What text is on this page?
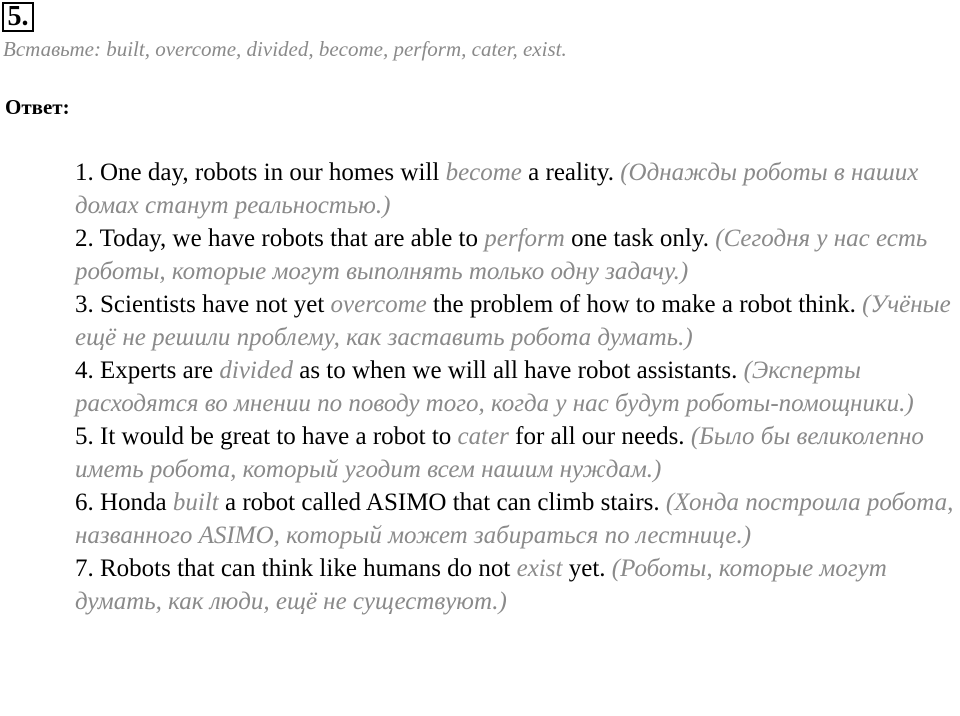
5.
Вставьте: built, overcome, divided, become, perform, cater, exist.
Ответ:
1. One day, robots in our homes will become a reality. (Однажды роботы в наших домах станут реальностью.)
2. Today, we have robots that are able to perform one task only. (Сегодня у нас есть роботы, которые могут выполнять только одну задачу.)
3. Scientists have not yet overcome the problem of how to make a robot think. (Учёные ещё не решили проблему, как заставить робота думать.)
4. Experts are divided as to when we will all have robot assistants. (Эксперты расходятся во мнении по поводу того, когда у нас будут роботы-помощники.)
5. It would be great to have a robot to cater for all our needs. (Было бы великолепно иметь робота, который угодит всем нашим нуждам.)
6. Honda built a robot called ASIMO that can climb stairs. (Хонда построила робота, названного ASIMO, который может забираться по лестнице.)
7. Robots that can think like humans do not exist yet. (Роботы, которые могут думать, как люди, ещё не существуют.)
